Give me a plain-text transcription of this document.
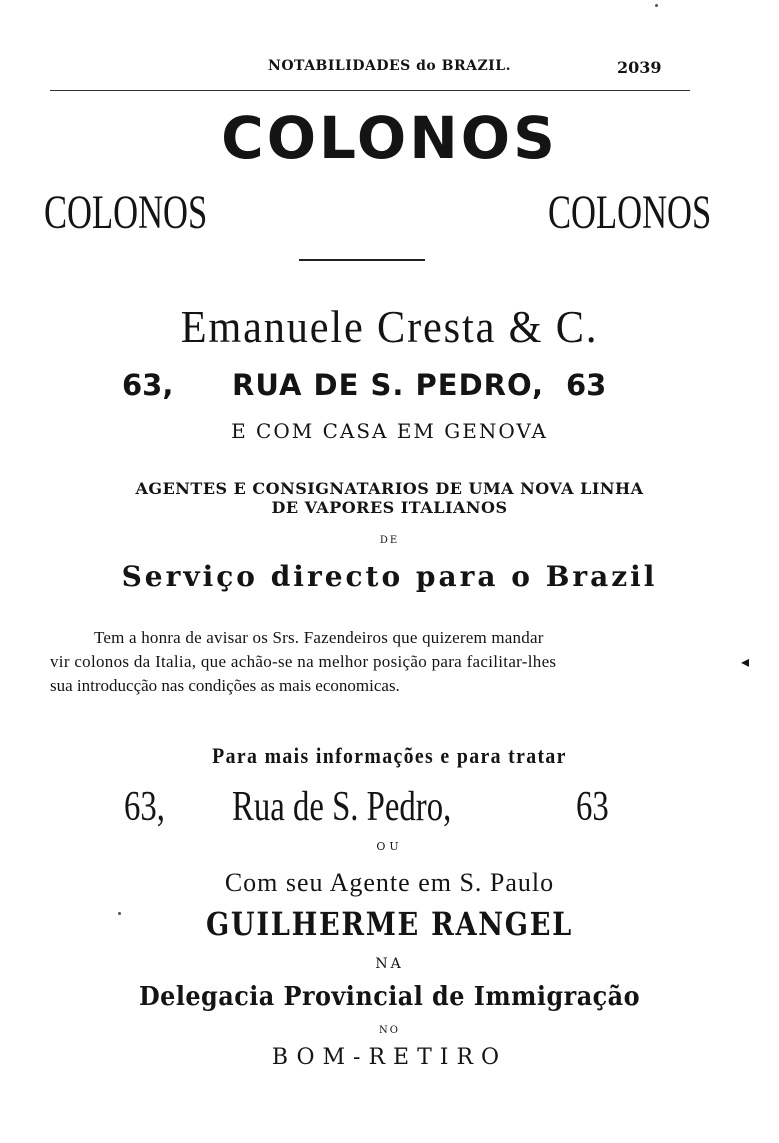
NOTABILIDADES do BRAZIL.	2039
COLONOS
COLONOS	COLONOS
Emanuele Cresta & C.
63, RUA DE S. PEDRO, 63
E COM CASA EM GENOVA
AGENTES E CONSIGNATARIOS DE UMA NOVA LINHA
DE VAPORES ITALIANOS
DE
Serviço directo para o Brazil
Tem a honra de avisar os Srs. Fazendeiros que quizerem mandar
vir colonos da Italia, que achão-se na melhor posição para facilitar-lhes
sua introducção nas condições as mais economicas.
◂
Para mais informações e para tratar
63, Rua de S. Pedro,	63
OU
Com seu Agente em S. Paulo
GUILHERME RANGEL
NA
Delegacia Provincial de Immigração
NO
BOM-RETIRO
